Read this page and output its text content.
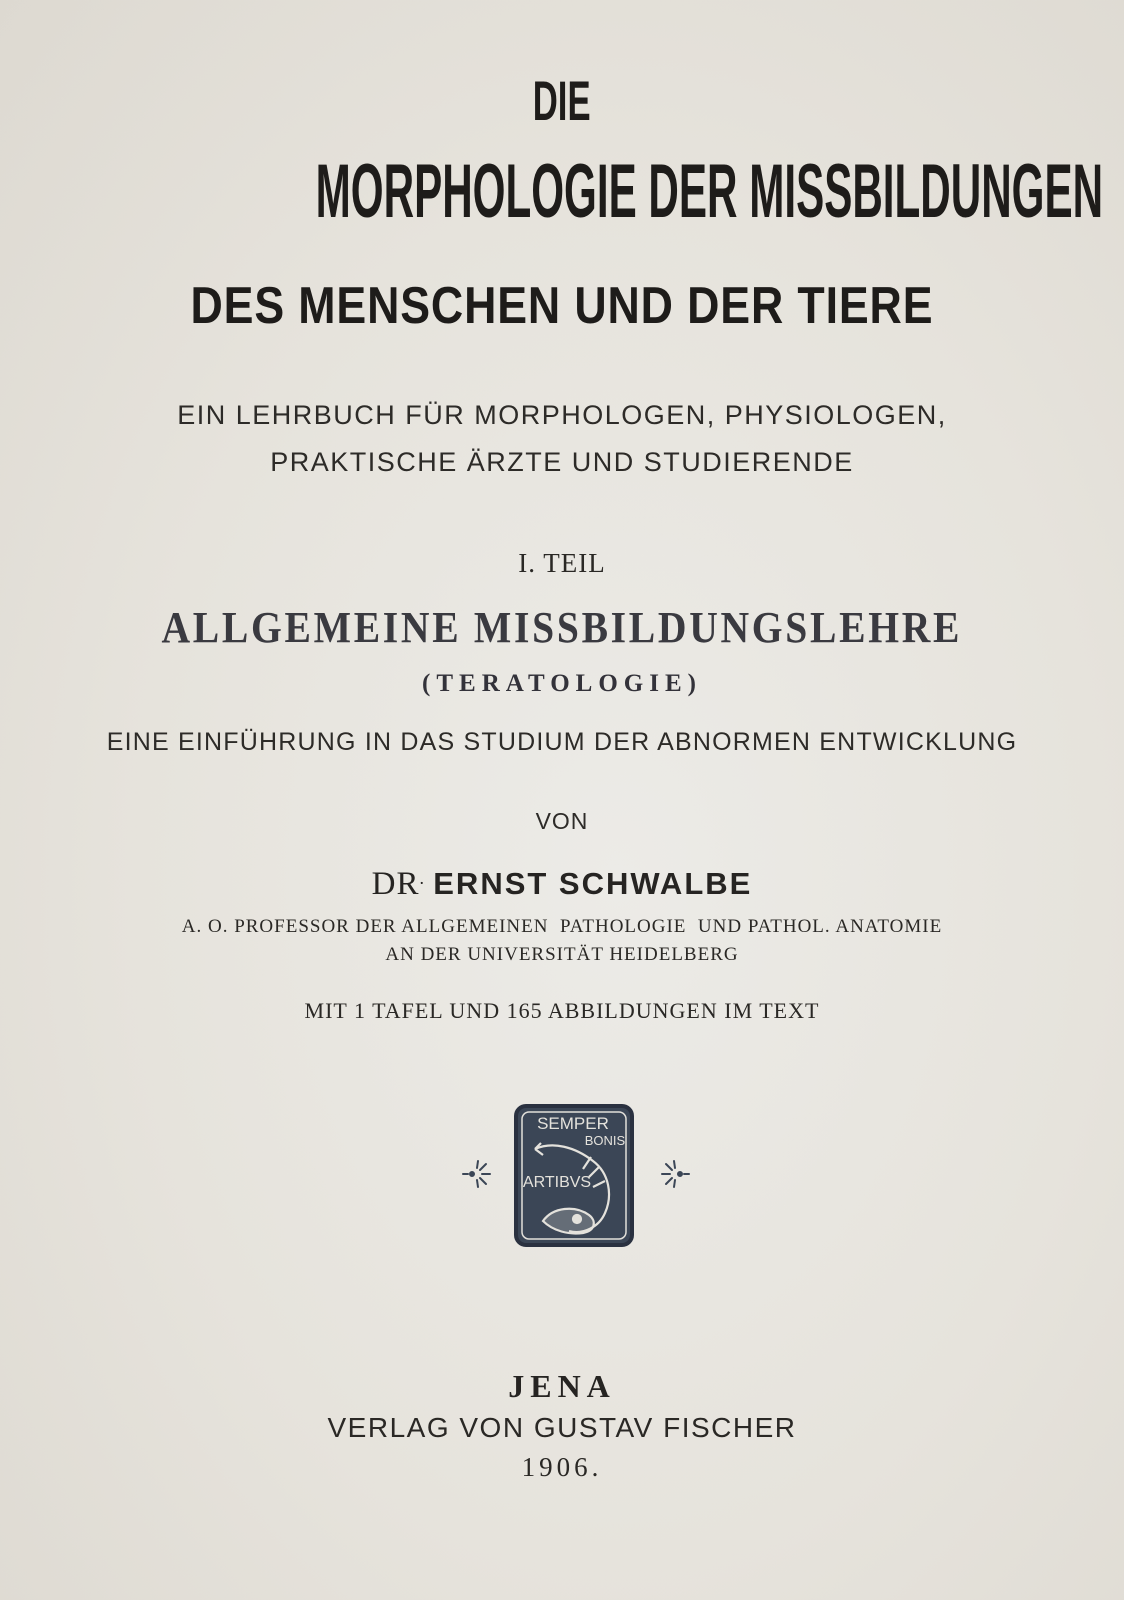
DIE
MORPHOLOGIE DER MISSBILDUNGEN
DES MENSCHEN UND DER TIERE
EIN LEHRBUCH FÜR MORPHOLOGEN, PHYSIOLOGEN,
PRAKTISCHE ÄRZTE UND STUDIERENDE
I. TEIL
ALLGEMEINE MISSBILDUNGSLEHRE
(TERATOLOGIE)
EINE EINFÜHRUNG IN DAS STUDIUM DER ABNORMEN ENTWICKLUNG
VON
DR. ERNST SCHWALBE
A. O. PROFESSOR DER ALLGEMEINEN  PATHOLOGIE  UND PATHOL. ANATOMIE
AN DER UNIVERSITÄT HEIDELBERG
MIT 1 TAFEL UND 165 ABBILDUNGEN IM TEXT
SEMPER
BONIS
ARTIBVS
JENA
VERLAG VON GUSTAV FISCHER
1906.
